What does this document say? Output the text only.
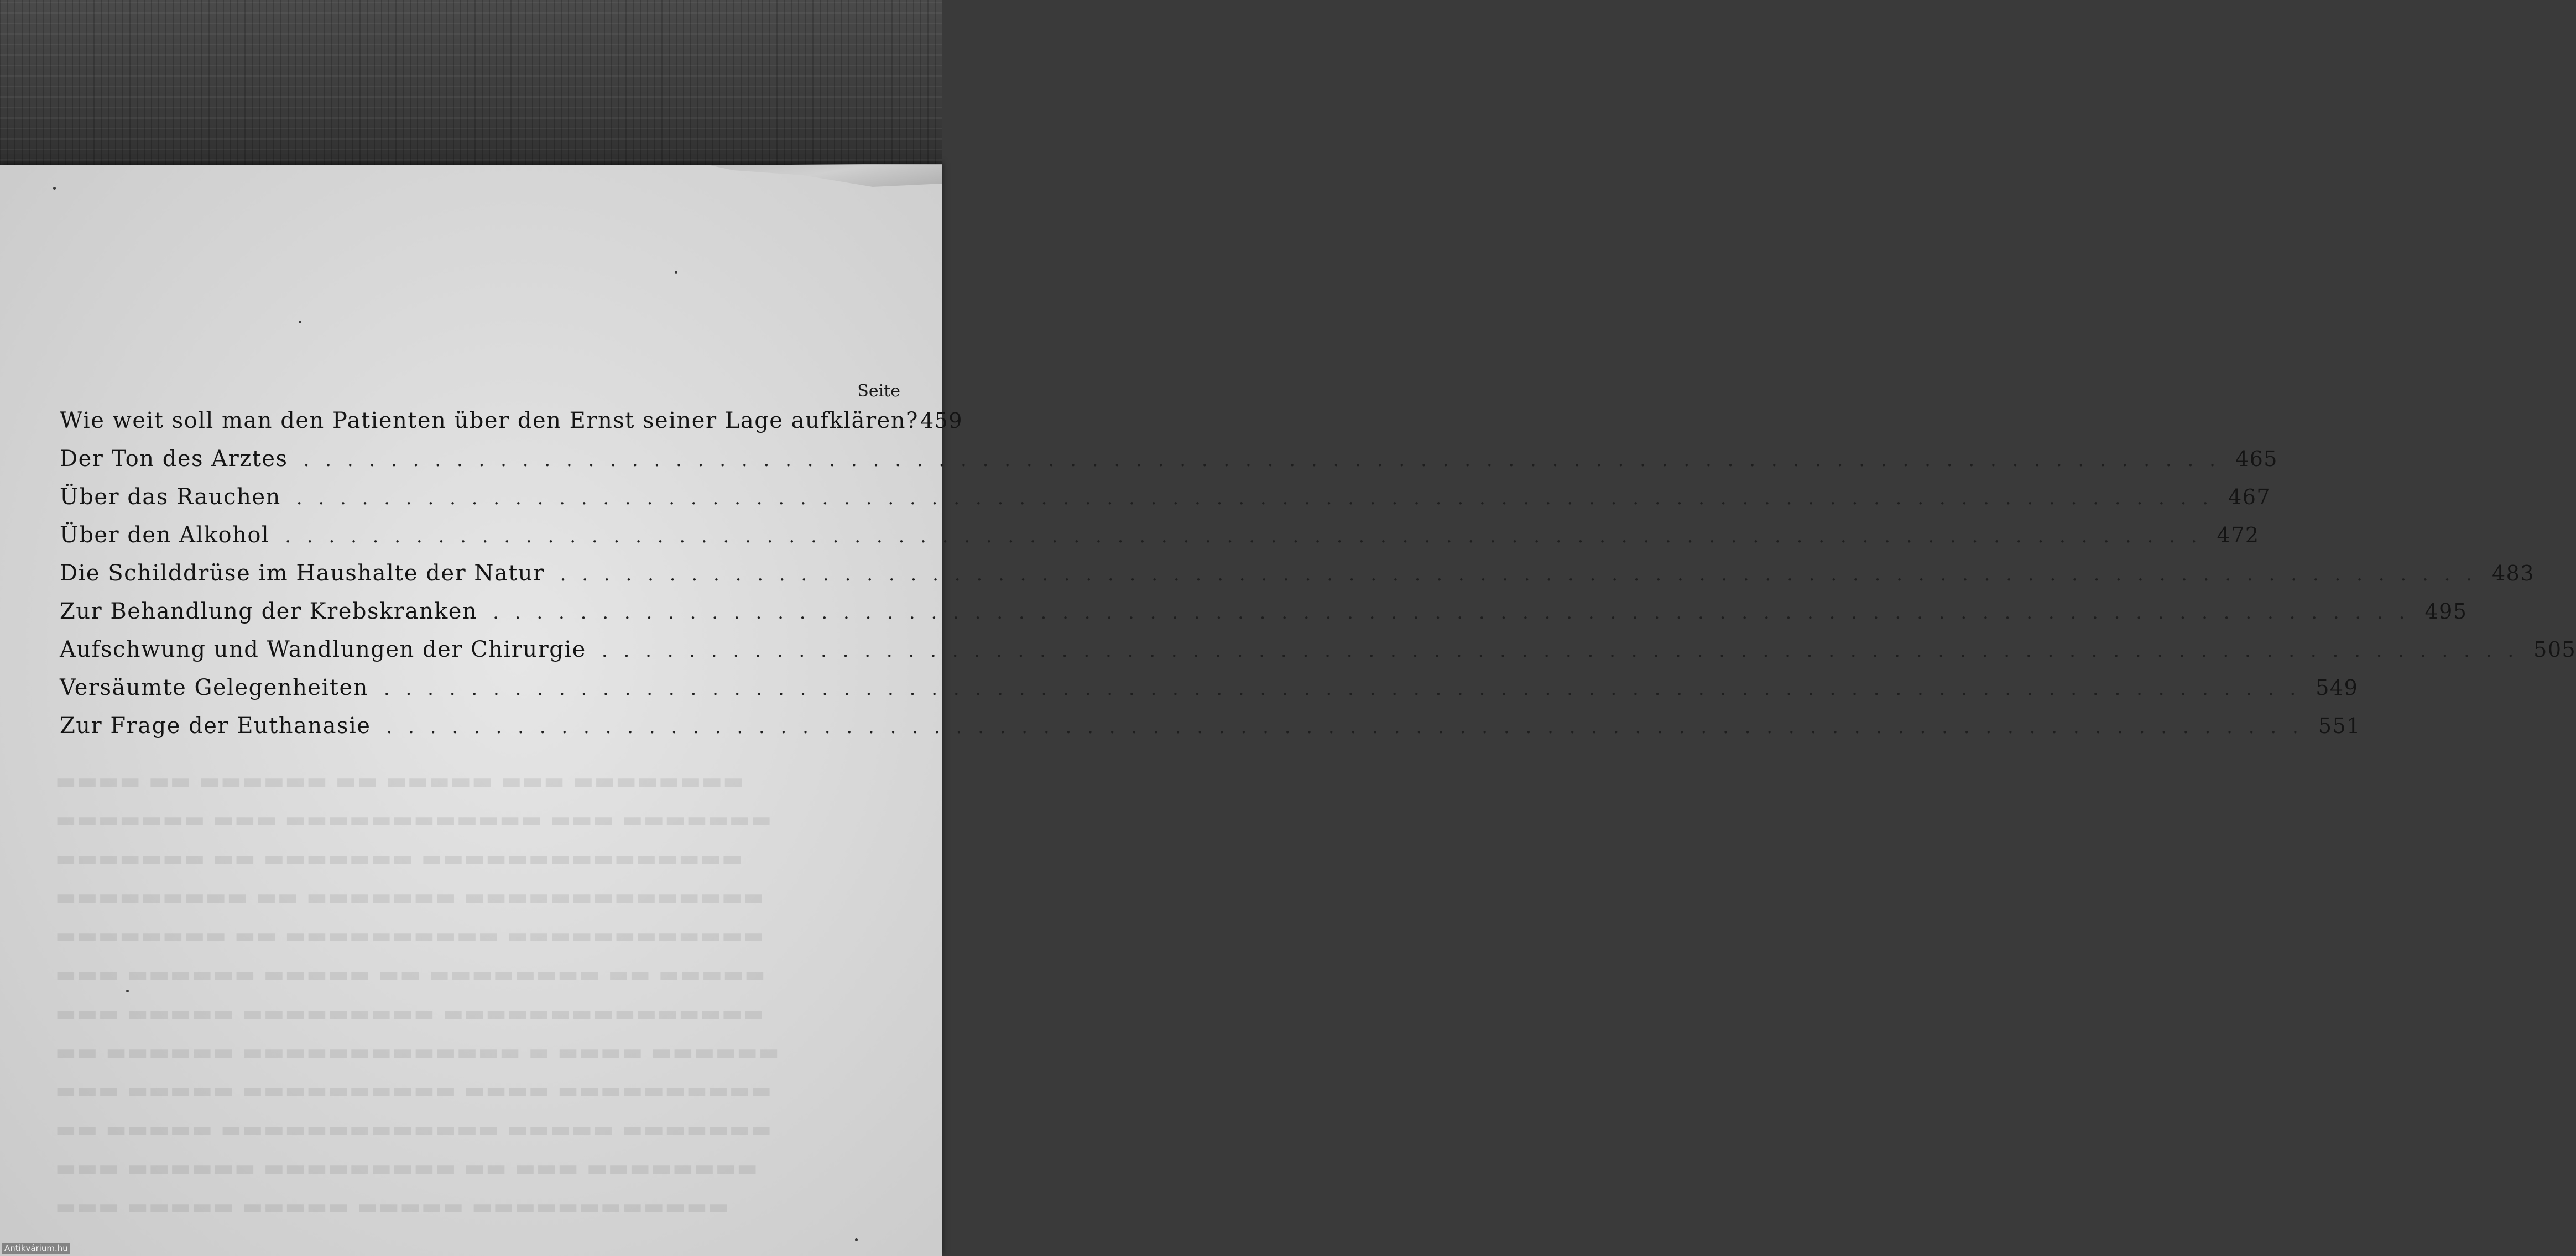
▬▬▬▬ ▬▬ ▬▬▬▬▬▬ ▬▬ ▬▬▬▬▬ ▬▬▬ ▬▬▬▬▬▬▬▬
▬▬▬▬▬▬▬ ▬▬▬ ▬▬▬▬▬▬▬▬▬▬▬▬ ▬▬▬ ▬▬▬▬▬▬▬
▬▬▬▬▬▬▬ ▬▬ ▬▬▬▬▬▬▬ ▬▬▬▬▬▬▬▬▬▬▬▬▬▬▬
▬▬▬▬▬▬▬▬▬ ▬▬ ▬▬▬▬▬▬▬ ▬▬▬▬▬▬▬▬▬▬▬▬▬▬
▬▬▬▬▬▬▬▬ ▬▬ ▬▬▬▬▬▬▬▬▬▬ ▬▬▬▬▬▬▬▬▬▬▬▬
▬▬▬ ▬▬▬▬▬▬ ▬▬▬▬▬ ▬▬ ▬▬▬▬▬▬▬▬ ▬▬ ▬▬▬▬▬
▬▬▬ ▬▬▬▬▬ ▬▬▬▬▬▬▬▬▬ ▬▬▬▬▬▬▬▬▬▬▬▬▬▬▬
▬▬ ▬▬▬▬▬▬ ▬▬▬▬▬▬▬▬▬▬▬▬▬ ▬ ▬▬▬▬ ▬▬▬▬▬▬
▬▬▬ ▬▬▬▬▬ ▬▬▬▬▬▬▬▬▬▬ ▬▬▬▬ ▬▬▬▬▬▬▬▬▬▬
▬▬ ▬▬▬▬▬ ▬▬▬▬▬▬▬▬▬▬▬▬▬ ▬▬▬▬▬ ▬▬▬▬▬▬▬
▬▬▬ ▬▬▬▬▬▬ ▬▬▬▬▬▬▬▬▬ ▬▬ ▬▬▬ ▬▬▬▬▬▬▬▬
▬▬▬ ▬▬▬▬▬ ▬▬▬▬▬ ▬▬▬▬▬ ▬▬▬▬▬▬▬▬▬▬▬▬
Seite
Wie weit soll man den Patienten über den Ernst seiner Lage aufklären? 459
Der Ton des Arztes . . . . . . . . . . . . . . . . . . . . . . . . . . . . . . . . . . . . . . . . . . . . . . . . . . . . . . . . . . . . . . . . . . . . . . . . . . . . . . . . . . . . . . . . 465
Über das Rauchen . . . . . . . . . . . . . . . . . . . . . . . . . . . . . . . . . . . . . . . . . . . . . . . . . . . . . . . . . . . . . . . . . . . . . . . . . . . . . . . . . . . . . . . . 467
Über den Alkohol . . . . . . . . . . . . . . . . . . . . . . . . . . . . . . . . . . . . . . . . . . . . . . . . . . . . . . . . . . . . . . . . . . . . . . . . . . . . . . . . . . . . . . . . 472
Die Schilddrüse im Haushalte der Natur . . . . . . . . . . . . . . . . . . . . . . . . . . . . . . . . . . . . . . . . . . . . . . . . . . . . . . . . . . . . . . . . . . . . . . . . . . . . . . . . . . . . . . . . 483
Zur Behandlung der Krebskranken . . . . . . . . . . . . . . . . . . . . . . . . . . . . . . . . . . . . . . . . . . . . . . . . . . . . . . . . . . . . . . . . . . . . . . . . . . . . . . . . . . . . . . . . 495
Aufschwung und Wandlungen der Chirurgie . . . . . . . . . . . . . . . . . . . . . . . . . . . . . . . . . . . . . . . . . . . . . . . . . . . . . . . . . . . . . . . . . . . . . . . . . . . . . . . . . . . . . . . . 505
Versäumte Gelegenheiten . . . . . . . . . . . . . . . . . . . . . . . . . . . . . . . . . . . . . . . . . . . . . . . . . . . . . . . . . . . . . . . . . . . . . . . . . . . . . . . . . . . . . . . . 549
Zur Frage der Euthanasie . . . . . . . . . . . . . . . . . . . . . . . . . . . . . . . . . . . . . . . . . . . . . . . . . . . . . . . . . . . . . . . . . . . . . . . . . . . . . . . . . . . . . . . . 551
Antikvárium.hu
